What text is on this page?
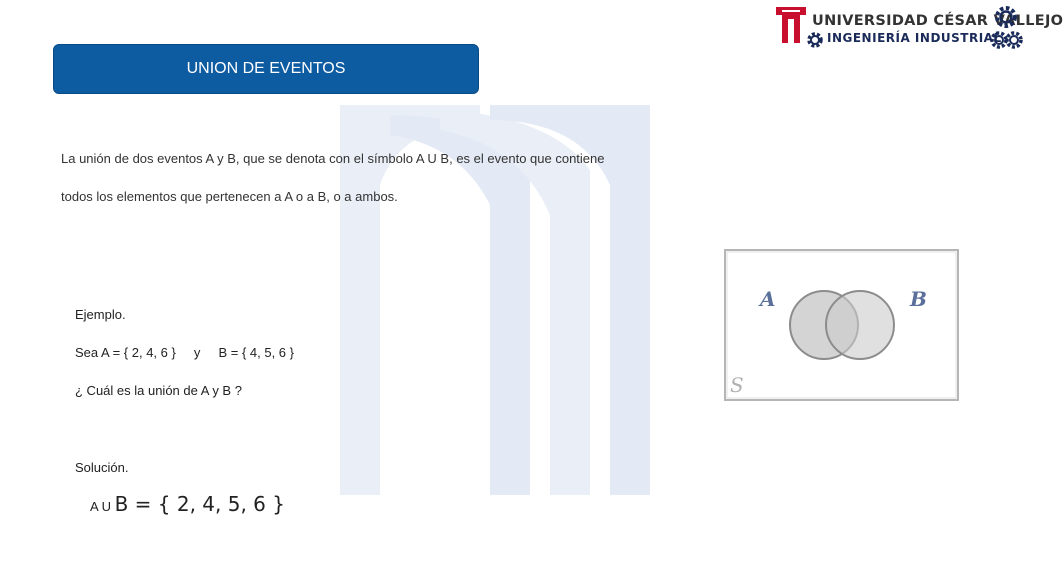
UNION DE EVENTOS
UNIVERSIDAD CÉSAR VALLEJO
INGENIERÍA INDUSTRIAL
La unión de dos eventos A y B, que se denota con el símbolo A U B, es el evento que contiene
todos los elementos que pertenecen a A o a B, o a ambos.
Ejemplo.
Sea A = { 2, 4, 6 }     y     B = { 4, 5, 6 }
¿ Cuál es la unión de A y B ?
Solución.
A U B = { 2, 4, 5, 6 }
A	B
S
